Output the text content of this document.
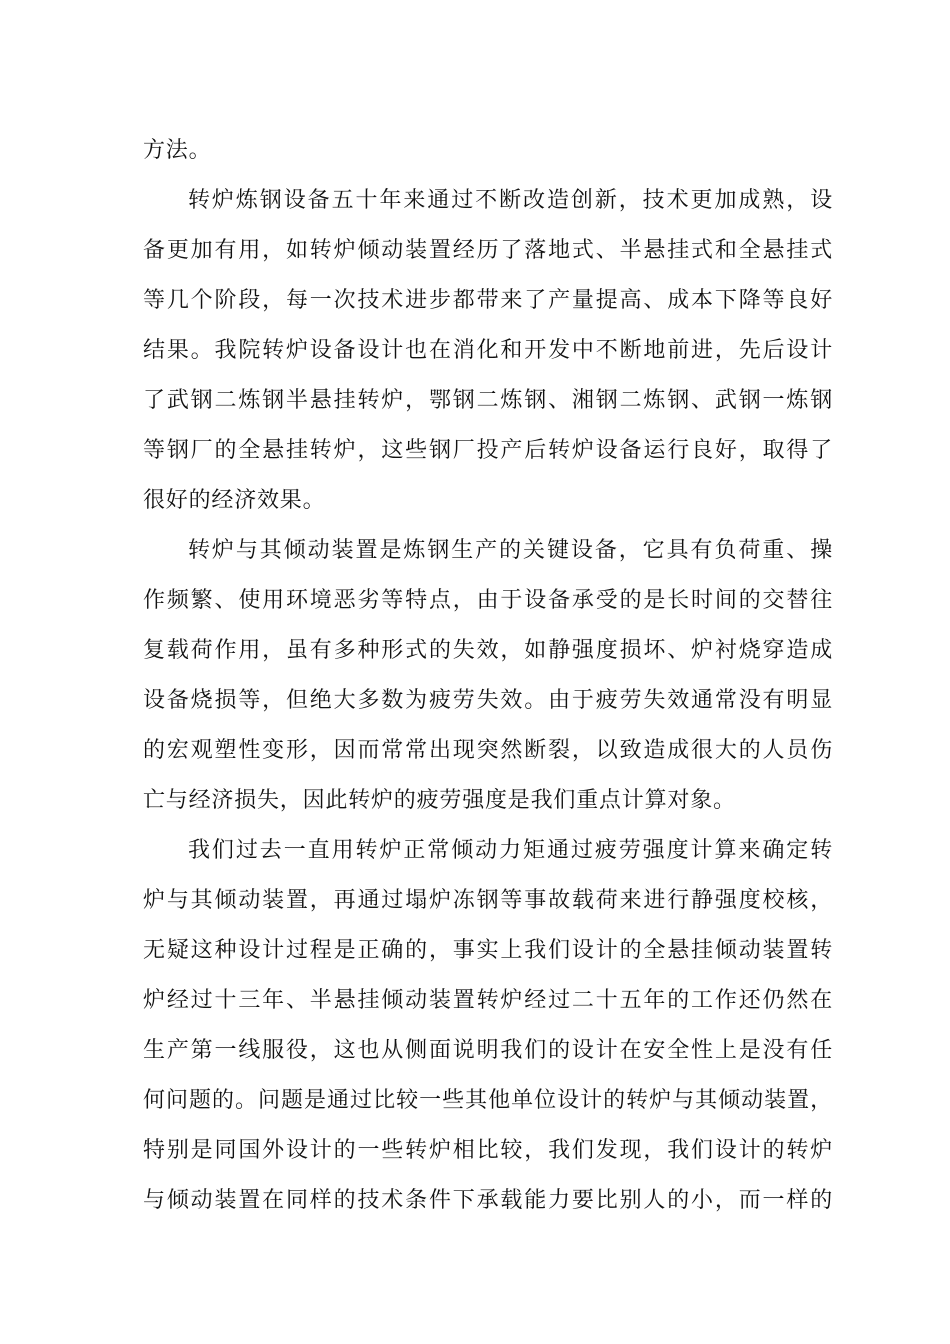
方法。
转炉炼钢设备五十年来通过不断改造创新，技术更加成熟，设
备更加有用，如转炉倾动装置经历了落地式、半悬挂式和全悬挂式
等几个阶段，每一次技术进步都带来了产量提高、成本下降等良好
结果。我院转炉设备设计也在消化和开发中不断地前进，先后设计
了武钢二炼钢半悬挂转炉，鄂钢二炼钢、湘钢二炼钢、武钢一炼钢
等钢厂的全悬挂转炉，这些钢厂投产后转炉设备运行良好，取得了
很好的经济效果。
转炉与其倾动装置是炼钢生产的关键设备，它具有负荷重、操
作频繁、使用环境恶劣等特点，由于设备承受的是长时间的交替往
复载荷作用，虽有多种形式的失效，如静强度损坏、炉衬烧穿造成
设备烧损等，但绝大多数为疲劳失效。由于疲劳失效通常没有明显
的宏观塑性变形，因而常常出现突然断裂，以致造成很大的人员伤
亡与经济损失，因此转炉的疲劳强度是我们重点计算对象。
我们过去一直用转炉正常倾动力矩通过疲劳强度计算来确定转
炉与其倾动装置，再通过塌炉冻钢等事故载荷来进行静强度校核，
无疑这种设计过程是正确的，事实上我们设计的全悬挂倾动装置转
炉经过十三年、半悬挂倾动装置转炉经过二十五年的工作还仍然在
生产第一线服役，这也从侧面说明我们的设计在安全性上是没有任
何问题的。问题是通过比较一些其他单位设计的转炉与其倾动装置，
特别是同国外设计的一些转炉相比较，我们发现，我们设计的转炉
与倾动装置在同样的技术条件下承载能力要比别人的小，而一样的
